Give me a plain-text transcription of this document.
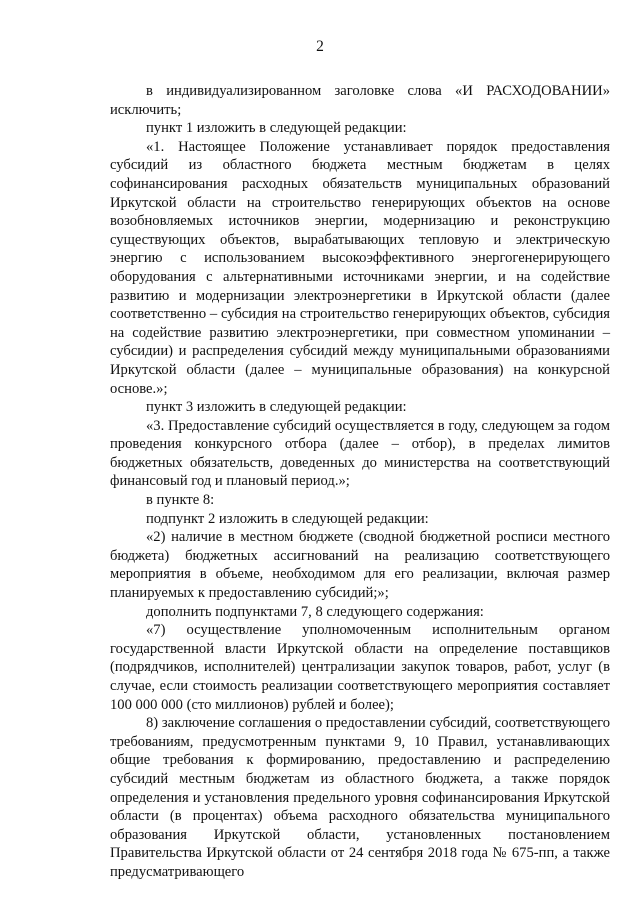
2

в индивидуализированном заголовке слова «И РАСХОДОВАНИИ» исключить;

пункт 1 изложить в следующей редакции:

«1. Настоящее Положение устанавливает порядок предоставления субсидий из областного бюджета местным бюджетам в целях софинансирования расходных обязательств муниципальных образований Иркутской области на строительство генерирующих объектов на основе возобновляемых источников энергии, модернизацию и реконструкцию существующих объектов, вырабатывающих тепловую и электрическую энергию с использованием высокоэффективного энергогенерирующего оборудования с альтернативными источниками энергии, и на содействие развитию и модернизации электроэнергетики в Иркутской области (далее соответственно – субсидия на строительство генерирующих объектов, субсидия на содействие развитию электроэнергетики, при совместном упоминании – субсидии) и распределения субсидий между муниципальными образованиями Иркутской области (далее – муниципальные образования) на конкурсной основе.»;

пункт 3 изложить в следующей редакции:

«3. Предоставление субсидий осуществляется в году, следующем за годом проведения конкурсного отбора (далее – отбор), в пределах лимитов бюджетных обязательств, доведенных до министерства на соответствующий финансовый год и плановый период.»;

в пункте 8:

подпункт 2 изложить в следующей редакции:

«2) наличие в местном бюджете (сводной бюджетной росписи местного бюджета) бюджетных ассигнований на реализацию соответствующего мероприятия в объеме, необходимом для его реализации, включая размер планируемых к предоставлению субсидий;»;

дополнить подпунктами 7, 8 следующего содержания:

«7) осуществление уполномоченным исполнительным органом государственной власти Иркутской области на определение поставщиков (подрядчиков, исполнителей) централизации закупок товаров, работ, услуг (в случае, если стоимость реализации соответствующего мероприятия составляет 100 000 000 (сто миллионов) рублей и более);

8) заключение соглашения о предоставлении субсидий, соответствующего требованиям, предусмотренным пунктами 9, 10 Правил, устанавливающих общие требования к формированию, предоставлению и распределению субсидий местным бюджетам из областного бюджета, а также порядок определения и установления предельного уровня софинансирования Иркутской области (в процентах) объема расходного обязательства муниципального образования Иркутской области, установленных постановлением Правительства Иркутской области от 24 сентября 2018 года № 675-пп, а также предусматривающего
